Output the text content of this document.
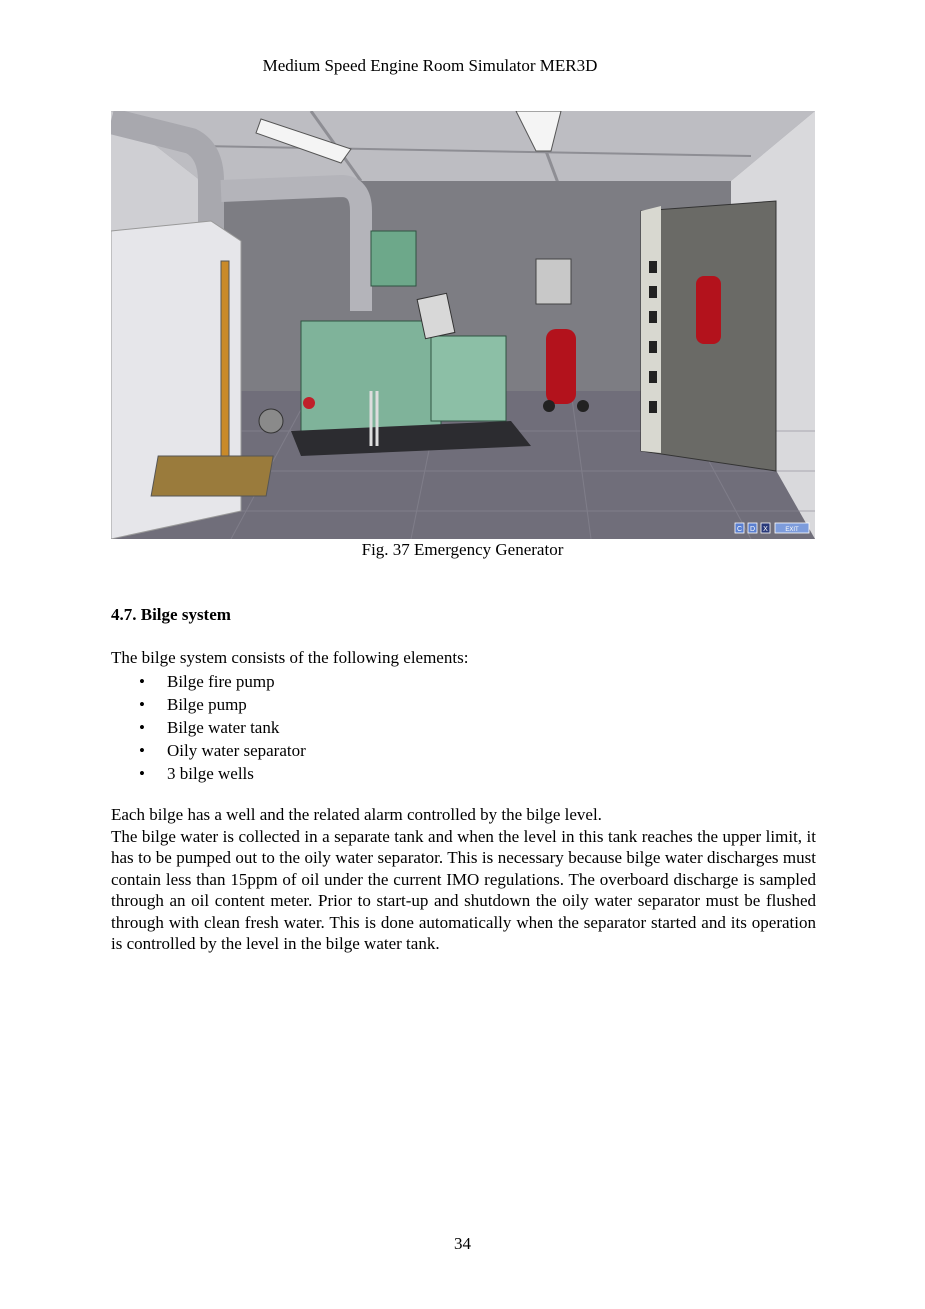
Medium Speed Engine Room Simulator MER3D
C D X	EXIT
Fig. 37 Emergency Generator
4.7. Bilge system
The bilge system consists of the following elements:
• Bilge fire pump
• Bilge pump
• Bilge water tank
• Oily water separator
• 3 bilge wells

Each bilge has a well and the related alarm controlled by the bilge level.

The bilge water is collected in a separate tank and when the level in this tank reaches the upper limit, it has to be pumped out to the oily water separator. This is necessary because bilge water discharges must contain less than 15ppm of oil under the current IMO regulations. The overboard discharge is sampled through an oil content meter. Prior to start-up and shutdown the oily water separator must be flushed through with clean fresh water. This is done automatically when the separator started and its operation is controlled by the level in the bilge water tank.

34
